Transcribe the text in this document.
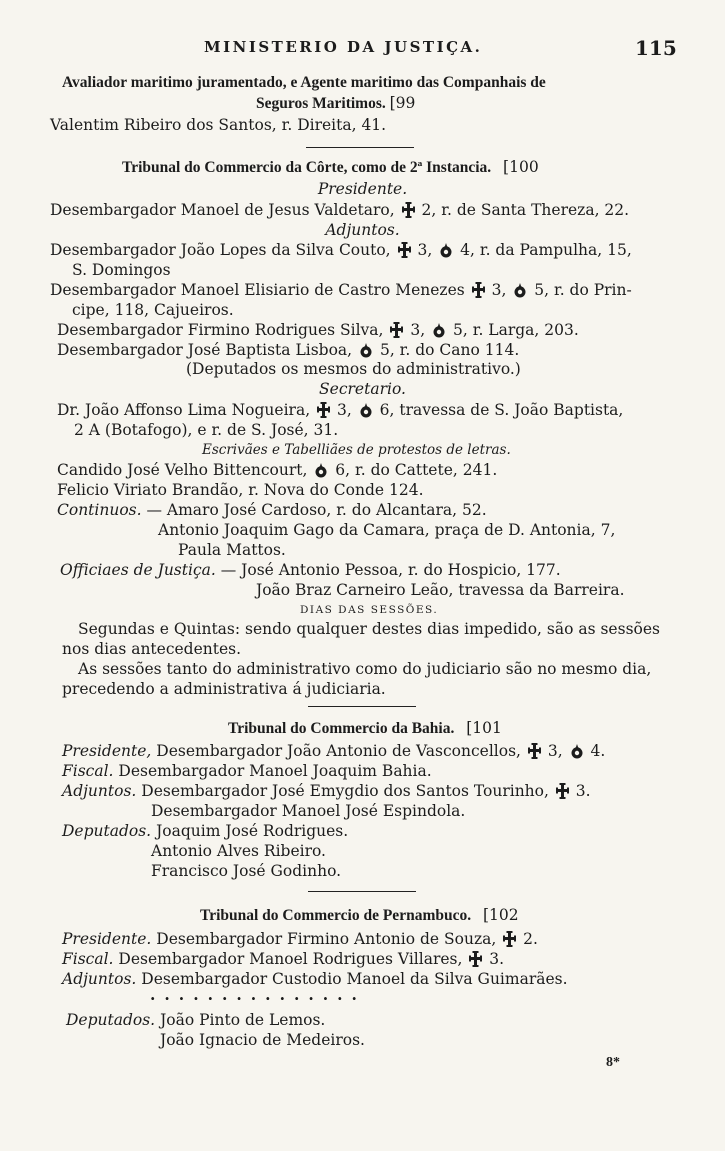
MINISTERIO DA JUSTIÇA.	115
Avaliador maritimo juramentado, e Agente maritimo das Companhais de
Seguros Maritimos. [99
Valentim Ribeiro dos Santos, r. Direita, 41.
Tribunal do Commercio da Côrte, como de 2ª Instancia. [100
Presidente.
Desembargador Manoel de Jesus Valdetaro, 2, r. de Santa Thereza, 22.
Adjuntos.
Desembargador João Lopes da Silva Couto, 3, 4, r. da Pampulha, 15,
S. Domingos
Desembargador Manoel Elisiario de Castro Menezes 3, 5, r. do Prin-
cipe, 118, Cajueiros.
Desembargador Firmino Rodrigues Silva, 3, 5, r. Larga, 203.
Desembargador José Baptista Lisboa, 5, r. do Cano 114.
(Deputados os mesmos do administrativo.)
Secretario.
Dr. João Affonso Lima Nogueira, 3, 6, travessa de S. João Baptista,
2 A (Botafogo), e r. de S. José, 31.
Escrivães e Tabelliães de protestos de letras.
Candido José Velho Bittencourt, 6, r. do Cattete, 241.
Felicio Viriato Brandão, r. Nova do Conde 124.
Continuos. — Amaro José Cardoso, r. do Alcantara, 52.
Antonio Joaquim Gago da Camara, praça de D. Antonia, 7,
Paula Mattos.
Officiaes de Justiça. — José Antonio Pessoa, r. do Hospicio, 177.
João Braz Carneiro Leão, travessa da Barreira.
DIAS DAS SESSÕES.
Segundas e Quintas: sendo qualquer destes dias impedido, são as sessões
nos dias antecedentes.
As sessões tanto do administrativo como do judiciario são no mesmo dia,
precedendo a administrativa á judiciaria.
Tribunal do Commercio da Bahia. [101
Presidente, Desembargador João Antonio de Vasconcellos, 3, 4.
Fiscal. Desembargador Manoel Joaquim Bahia.
Adjuntos. Desembargador José Emygdio dos Santos Tourinho, 3.
Desembargador Manoel José Espindola.
Deputados. Joaquim José Rodrigues.
Antonio Alves Ribeiro.
Francisco José Godinho.
Tribunal do Commercio de Pernambuco. [102
Presidente. Desembargador Firmino Antonio de Souza, 2.
Fiscal. Desembargador Manoel Rodrigues Villares, 3.
Adjuntos. Desembargador Custodio Manoel da Silva Guimarães.
...............
Deputados. João Pinto de Lemos.
João Ignacio de Medeiros.
8*
